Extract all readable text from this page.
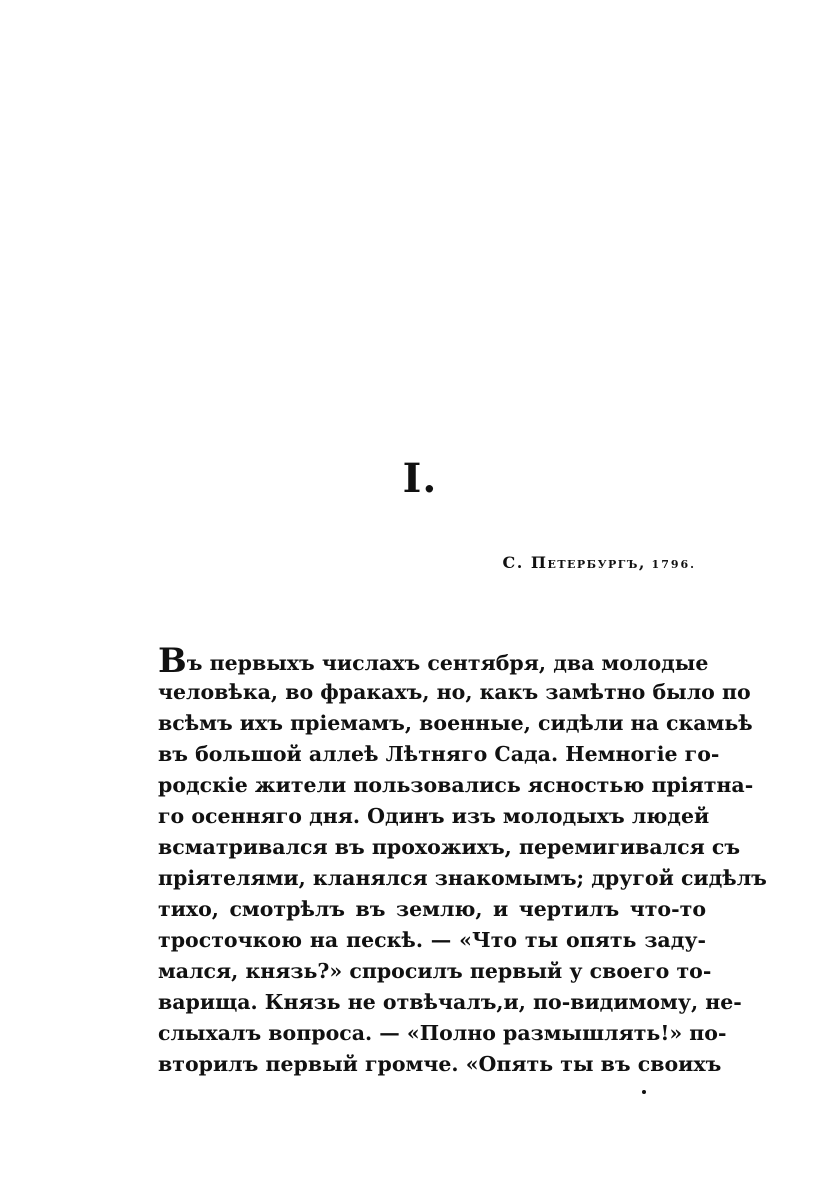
I.
С. Петербургъ, 1796.
Въ первыхъ числахъ сентября, два молодые
человѣка, во фракахъ, но, какъ замѣтно было по
всѣмъ ихъ пріемамъ, военные, сидѣли на скамьѣ
въ большой аллеѣ Лѣтняго Сада. Немногіе го-
родскіе жители пользовались ясностью пріятна-
го осенняго дня. Одинъ изъ молодыхъ людей
всматривался въ прохожихъ, перемигивался съ
пріятелями, кланялся знакомымъ; другой сидѣлъ
тихо, смотрѣлъ въ землю, и чертилъ что-то
тросточкою на пескѣ. — «Что ты опять заду-
мался, князь?» спросилъ первый у своего то-
варища. Князь не отвѣчалъ,и, по-видимому, не-
слыхалъ вопроса. — «Полно размышлять!» по-
вторилъ первый громче. «Опять ты въ своихъ
